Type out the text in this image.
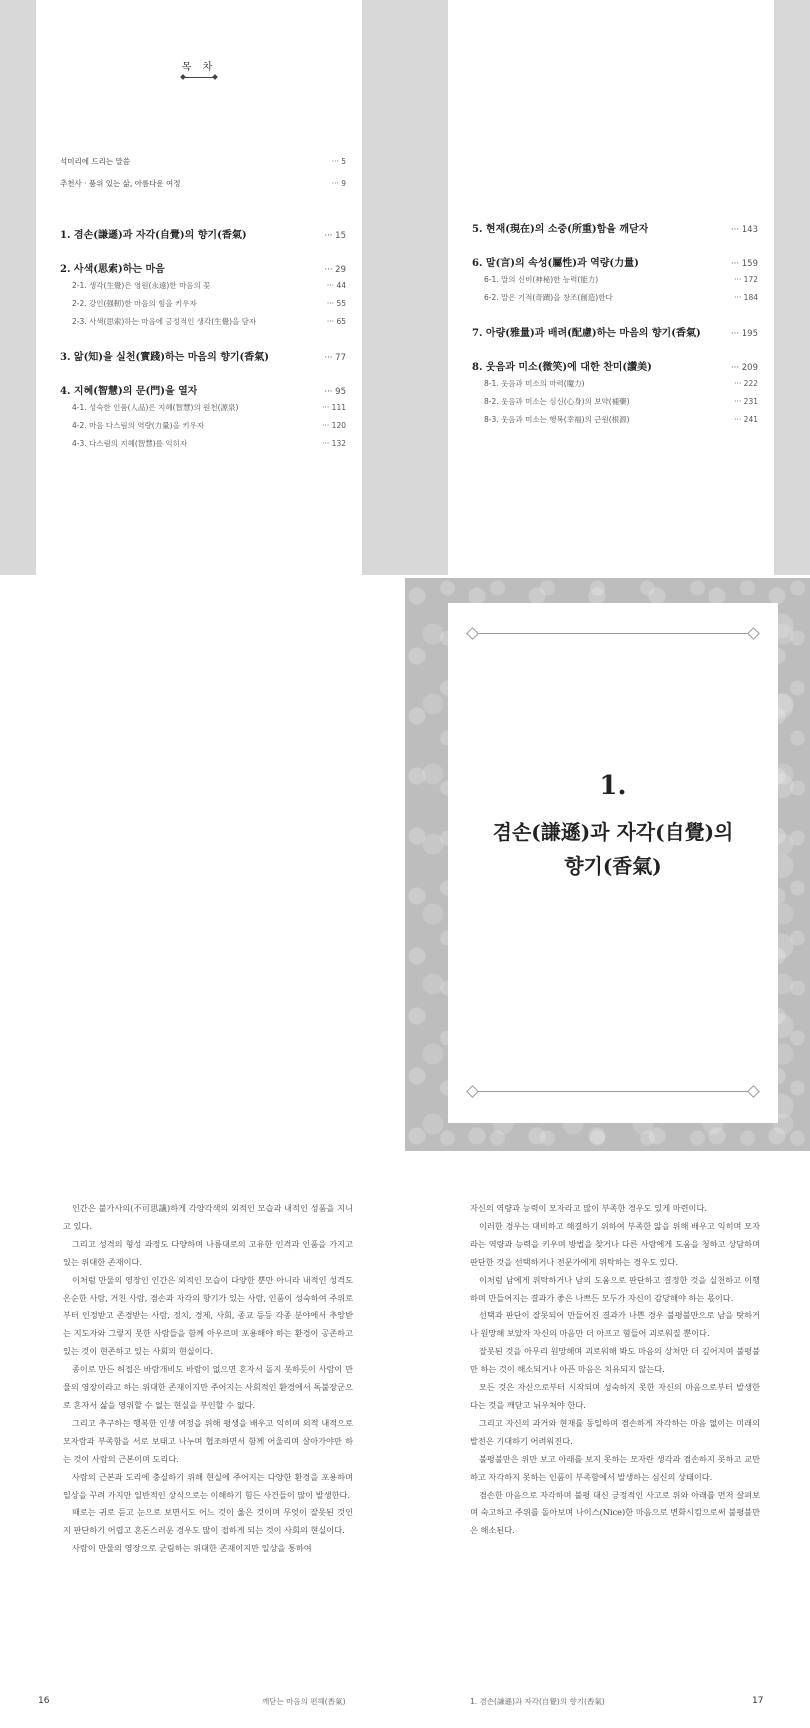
목 차
석미리에 드리는 말씀	··· 5
추천사 · 품위 있는 삶, 아름다운 여정	··· 9
1. 겸손(謙遜)과 자각(自覺)의 향기(香氣)	··· 15
2. 사색(思索)하는 마음	··· 29
2-1. 생각(生覺)은 영원(永遠)한 마음의 꽃	··· 44
2-2. 강인(强靭)한 마음의 힘을 키우자	··· 55
2-3. 사색(思索)하는 마음에 긍정적인 생각(生覺)을 담자	··· 65
3. 앎(知)을 실천(實踐)하는 마음의 향기(香氣)	··· 77
4. 지혜(智慧)의 문(門)을 열자	··· 95
4-1. 성숙한 인품(人品)은 지혜(智慧)의 원천(源泉)	··· 111
4-2. 마음 다스림의 역량(力量)을 키우자	··· 120
4-3. 다스림의 지혜(智慧)를 익히자	··· 132
5. 현재(現在)의 소중(所重)함을 깨닫자	··· 143
6. 말(言)의 속성(屬性)과 역량(力量)	··· 159
6-1. 말의 신비(神秘)한 능력(能力)	··· 172
6-2. 말은 기적(奇蹟)을 창조(創造)한다	··· 184
7. 아량(雅量)과 배려(配慮)하는 마음의 향기(香氣)	··· 195
8. 웃음과 미소(微笑)에 대한 찬미(讚美)	··· 209
8-1. 웃음과 미소의 마력(魔力)	··· 222
8-2. 웃음과 미소는 심신(心身)의 보약(補藥)	··· 231
8-3. 웃음과 미소는 행복(幸福)의 근원(根源)	··· 241
1.
겸손(謙遜)과 자각(自覺)의
향기(香氣)

인간은 불가사의(不可思議)하게 각양각색의 외적인 모습과 내적인 성품을 지니고 있다.

그리고 성격의 형성 과정도 다양하며 나름대로의 고유한 인격과 인품을 가지고 있는 위대한 존재이다.

이처럼 만물의 영장인 인간은 외적인 모습이 다양한 뿐만 아니라 내적인 성격도 온순한 사람, 거친 사람, 겸손과 자각의 향기가 있는 사람, 인품이 성숙하여 주위로부터 인정받고 존경받는 사람, 정치, 경제, 사회, 종교 등등 각종 분야에서 추앙받는 지도자와 그렇지 못한 사람들을 함께 아우르며 포용해야 하는 환경이 공존하고 있는 것이 현존하고 있는 사회의 현실이다.

종이로 만든 허접은 바람개비도 바람이 없으면 혼자서 돌지 못하듯이 사람이 만물의 영장이라고 하는 위대한 존재이지만 주어지는 사회적인 환경에서 독불장군으로 혼자서 삶을 영위할 수 없는 현실을 부인할 수 없다.

그리고 추구하는 행복한 인생 여정을 위해 평생을 배우고 익히며 외적 내적으로 모자람과 부족함을 서로 보태고 나누며 협조하면서 함께 어울리며 살아가야만 하는 것이 사람의 근본이며 도리다.

사람의 근본과 도리에 충실하기 위해 현실에 주어지는 다양한 환경을 포용하며 일상을 꾸려 가지만 일반적인 상식으로는 이해하기 힘든 사건들이 많이 발생한다.

때로는 귀로 듣고 눈으로 보면서도 어느 것이 옳은 것이며 무엇이 잘못된 것인지 판단하기 어렵고 혼돈스러운 경우도 많이 접하게 되는 것이 사회의 현실이다.

사람이 만물의 영장으로 군림하는 위대한 존재이지만 일상을 통하여

자신의 역량과 능력이 모자라고 많이 부족한 경우도 있게 마련이다.

이러한 경우는 대비하고 해결하기 위하여 부족한 앎을 위해 배우고 익히며 모자라는 역량과 능력을 키우며 방법을 찾거나 다른 사람에게 도움을 청하고 상담하며 판단한 것을 선택하거나 전문가에게 위탁하는 경우도 있다.

이처럼 남에게 위탁하거나 남의 도움으로 판단하고 결정한 것을 실천하고 이행하며 만들어지는 결과가 좋은 나쁘든 모두가 자신이 감당해야 하는 몫이다.

선택과 판단이 잘못되어 만들어진 결과가 나쁜 경우 불평불만으로 남을 탓하거나 원망해 보았자 자신의 마음만 더 아프고 혐들어 괴로워질 뿐이다.

잘못된 것을 아무리 원망해며 괴로워해 봐도 마음의 상처만 더 깊어지며 불평불만 하는 것이 해소되거나 아픈 마음은 치유되지 않는다.

모든 것은 자신으로부터 시작되며 성숙하지 못한 자신의 마음으로부터 발생한다는 것을 깨닫고 뉘우쳐야 한다.

그리고 자신의 과거와 현재를 동일하며 겸손하게 자각하는 마음 없이는 미래의 발전은 기대하기 어려워진다.

불평불만은 위만 보고 아래를 보지 못하는 모자란 생각과 겸손하지 못하고 교만하고 자각하지 못하는 인품이 부족함에서 발생하는 심신의 상태이다.

겸손한 마음으로 자각하며 불평 대신 긍정적인 사고로 위와 아래를 먼저 살펴보며 숙고하고 주위를 돌아보며 나이스(Nice)한 마음으로 변화시킴으로써 불평불만은 해소된다.

16	깨닫는 마음의 편해(香氣)	1. 겸손(謙遜)과 자각(自覺)의 향기(香氣)	17
